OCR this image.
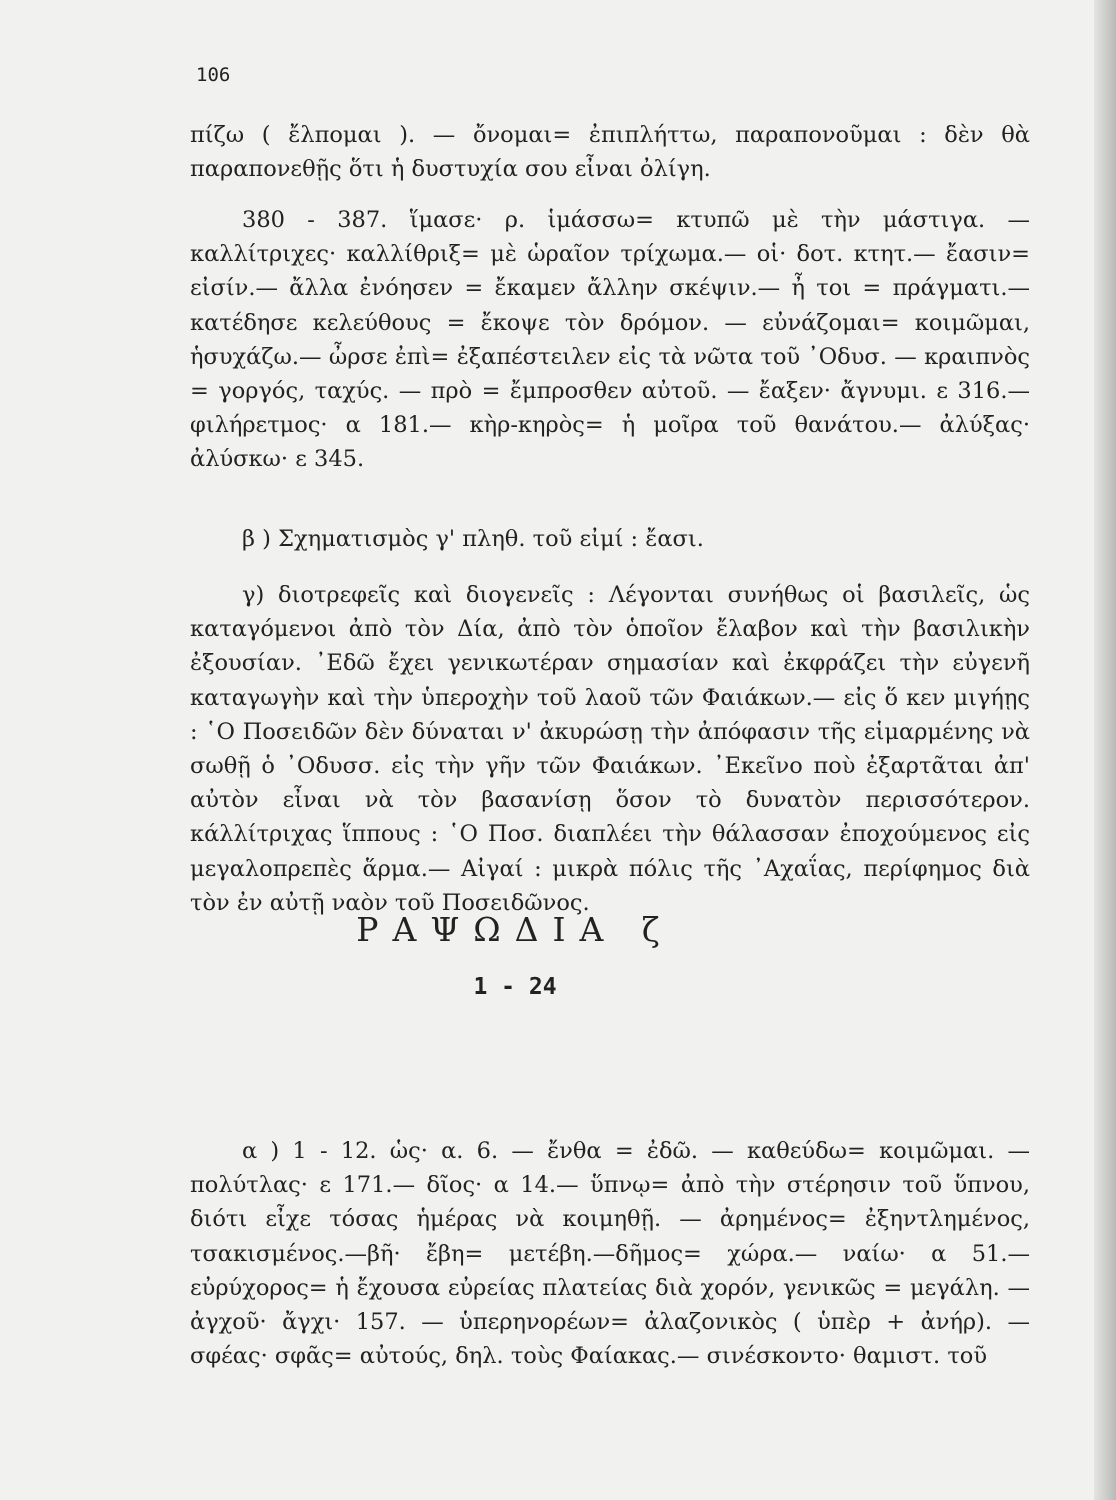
106

πίζω ( ἔλπομαι ). — ὄνομαι= ἐπιπλήττω, παραπονοῦμαι : δὲν θὰ παραπονεθῇς ὅτι ἡ δυστυχία σου εἶναι ὀλίγη.

380 - 387. ἵμασε· ρ. ἱμάσσω= κτυπῶ μὲ τὴν μάστιγα. — καλλίτριχες· καλλίθριξ= μὲ ὡραῖον τρίχωμα.— οἱ· δοτ. κτητ.— ἔασιν= εἰσίν.— ἄλλα ἐνόησεν = ἔκαμεν ἄλλην σκέψιν.— ἦ τοι = πράγματι.— κατέδησε κελεύθους = ἔκοψε τὸν δρόμον. — εὐνάζομαι= κοιμῶμαι, ἡσυχάζω.— ὦρσε ἐπὶ= ἐξαπέστειλεν εἰς τὰ νῶτα τοῦ ᾿Οδυσ. — κραιπνὸς = γοργός, ταχύς. — πρὸ = ἔμπροσθεν αὐτοῦ. — ἔαξεν· ἄγνυμι. ε 316.— φιλήρετμος· α 181.— κὴρ-κηρὸς= ἡ μοῖρα τοῦ θανάτου.— ἀλύξας· ἀλύσκω· ε 345.

β ) Σχηματισμὸς γ' πληθ. τοῦ εἰμί : ἔασι.

γ) διοτρεφεῖς καὶ διογενεῖς : Λέγονται συνήθως οἱ βασιλεῖς, ὡς καταγόμενοι ἀπὸ τὸν Δία, ἀπὸ τὸν ὁποῖον ἔλαβον καὶ τὴν βασιλικὴν ἐξουσίαν. ᾿Εδῶ ἔχει γενικωτέραν σημασίαν καὶ ἐκφράζει τὴν εὐγενῆ καταγωγὴν καὶ τὴν ὑπεροχὴν τοῦ λαοῦ τῶν Φαιάκων.— εἰς ὅ κεν μιγήῃς : ῾Ο Ποσειδῶν δὲν δύναται ν' ἀκυρώσῃ τὴν ἀπόφασιν τῆς εἱμαρμένης νὰ σωθῇ ὁ ᾿Οδυσσ. εἰς τὴν γῆν τῶν Φαιάκων. ᾿Εκεῖνο ποὺ ἐξαρτᾶται ἀπ' αὐτὸν εἶναι νὰ τὸν βασανίσῃ ὅσον τὸ δυνατὸν περισσότερον. κάλλίτριχας ἵππους : ῾Ο Ποσ. διαπλέει τὴν θάλασσαν ἐποχούμενος εἰς μεγαλοπρεπὲς ἅρμα.— Αἰγαί : μικρὰ πόλις τῆς ᾿Αχαΐας, περίφημος διὰ τὸν ἐν αὐτῇ ναὸν τοῦ Ποσειδῶνος.

ΡΑΨΩΔΙΑ ζ
1 - 24

α ) 1 - 12. ὡς· α. 6. — ἔνθα = ἐδῶ. — καθεύδω= κοιμῶμαι. — πολύτλας· ε 171.— δῖος· α 14.— ὕπνῳ= ἀπὸ τὴν στέρησιν τοῦ ὕπνου, διότι εἶχε τόσας ἡμέρας νὰ κοιμηθῇ. — ἀρημένος= ἐξηντλημένος, τσακισμένος.—βῆ· ἔβη= μετέβη.—δῆμος= χώρα.— ναίω· α 51.— εὐρύχορος= ἡ ἔχουσα εὐρείας πλατείας διὰ χορόν, γενικῶς = μεγάλη. — ἀγχοῦ· ἄγχι· 157. — ὑπερηνορέων= ἀλαζονικὸς ( ὑπὲρ + ἀνήρ). — σφέας· σφᾶς= αὐτούς, δηλ. τοὺς Φαίακας.— σινέσκοντο· θαμιστ. τοῦ
